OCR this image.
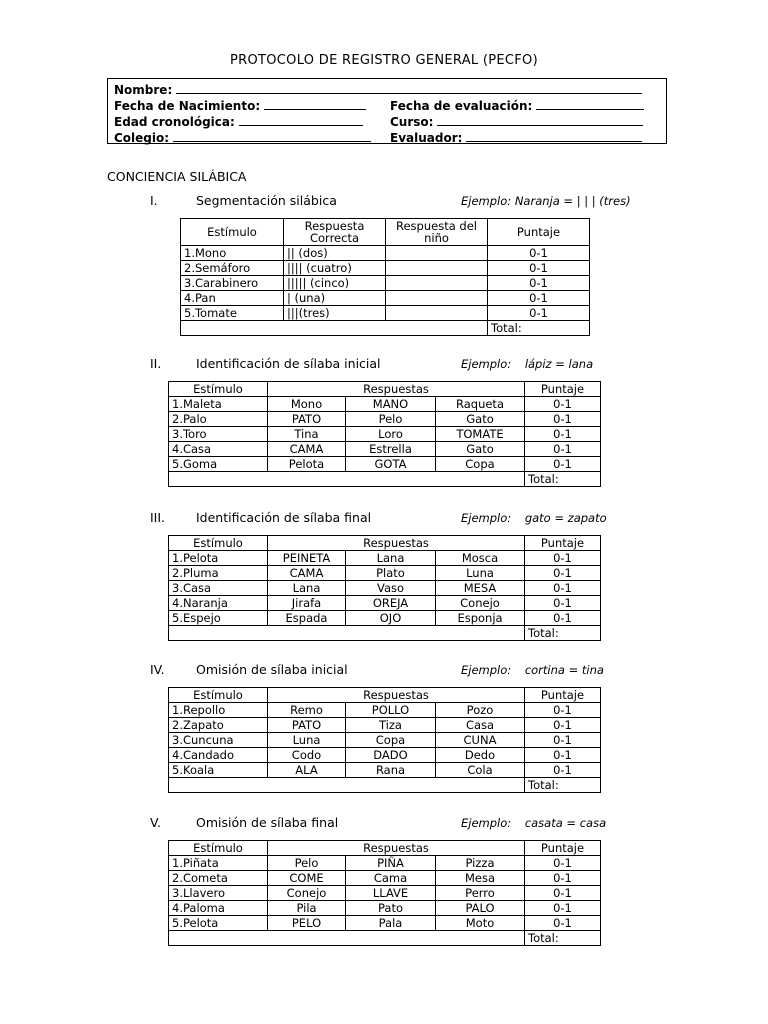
PROTOCOLO DE REGISTRO GENERAL (PECFO)
Nombre:
Fecha de Nacimiento:	Fecha de evaluación:
Edad cronológica:	Curso:
Colegio:	Evaluador:
CONCIENCIA SILÁBICA
I.	Segmentación silábica	Ejemplo: Naranja = | | | (tres)
Estímulo	Respuesta Correcta	Respuesta del niño	Puntaje
1.Mono	|| (dos)		0-1
2.Semáforo	|||| (cuatro)		0-1
3.Carabinero	||||| (cinco)		0-1
4.Pan	| (una)		0-1
5.Tomate	|||(tres)		0-1
			Total:
II.	Identificación de sílaba inicial	Ejemplo: lápiz = lana
III. Identificación de sílaba final	Ejemplo: gato = zapato
IV.	Omisión de sílaba inicial	Ejemplo: cortina = tina
V.	Omisión de sílaba final	Ejemplo: casata = casa
Estímulo	Respuestas			Puntaje
1.Maleta	Mono	MANO	Raqueta	0-1
2.Palo	PATO	Pelo	Gato	0-1
3.Toro	Tina	Loro	TOMATE	0-1
4.Casa	CAMA	Estrella	Gato	0-1
5.Goma	Pelota	GOTA	Copa	0-1
				Total:
Estímulo	Respuestas			Puntaje
1.Pelota	PEINETA	Lana	Mosca	0-1
2.Pluma	CAMA	Plato	Luna	0-1
3.Casa	Lana	Vaso	MESA	0-1
4.Naranja	Jirafa	OREJA	Conejo	0-1
5.Espejo	Espada	OJO	Esponja	0-1
				Total:
Estímulo	Respuestas			Puntaje
1.Repollo	Remo	POLLO	Pozo	0-1
2.Zapato	PATO	Tiza	Casa	0-1
3.Cuncuna	Luna	Copa	CUNA	0-1
4.Candado	Codo	DADO	Dedo	0-1
5.Koala	ALA	Rana	Cola	0-1
				Total:
Estímulo	Respuestas			Puntaje
1.Piñata	Pelo	PIÑA	Pizza	0-1
2.Cometa	COME	Cama	Mesa	0-1
3.Llavero	Conejo	LLAVE	Perro	0-1
4.Paloma	Pila	Pato	PALO	0-1
5.Pelota	PELO	Pala	Moto	0-1
				Total:
